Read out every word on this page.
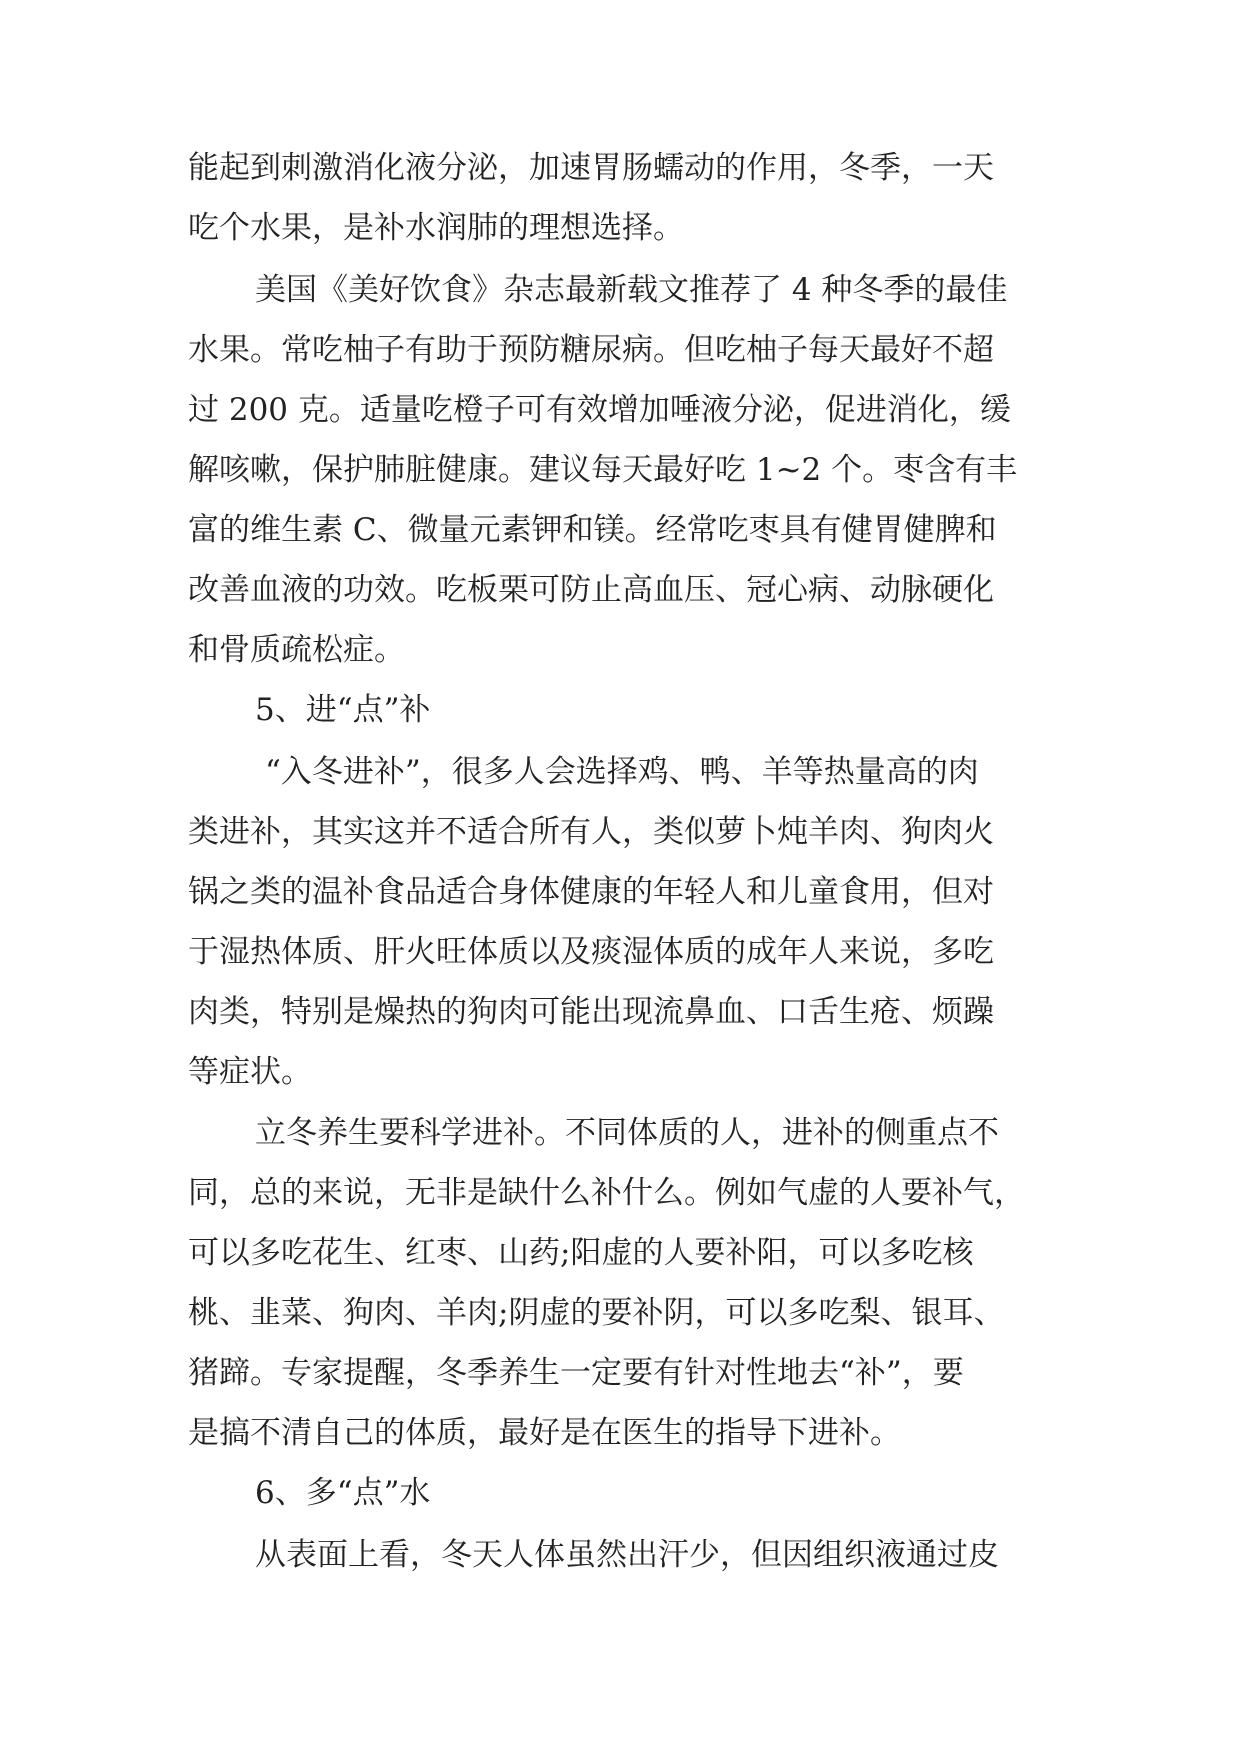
能起到刺激消化液分泌，加速胃肠蠕动的作用，冬季，一天
吃个水果，是补水润肺的理想选择。
美国《美好饮食》杂志最新载文推荐了 4 种冬季的最佳
水果。常吃柚子有助于预防糖尿病。但吃柚子每天最好不超
过 200 克。适量吃橙子可有效增加唾液分泌，促进消化，缓
解咳嗽，保护肺脏健康。建议每天最好吃 1~2 个。枣含有丰
富的维生素 C、微量元素钾和镁。经常吃枣具有健胃健脾和
改善血液的功效。吃板栗可防止高血压、冠心病、动脉硬化
和骨质疏松症。
5、进“点”补
“入冬进补”，很多人会选择鸡、鸭、羊等热量高的肉
类进补，其实这并不适合所有人，类似萝卜炖羊肉、狗肉火
锅之类的温补食品适合身体健康的年轻人和儿童食用，但对
于湿热体质、肝火旺体质以及痰湿体质的成年人来说，多吃
肉类，特别是燥热的狗肉可能出现流鼻血、口舌生疮、烦躁
等症状。
立冬养生要科学进补。不同体质的人，进补的侧重点不
同，总的来说，无非是缺什么补什么。例如气虚的人要补气，
可以多吃花生、红枣、山药;阳虚的人要补阳，可以多吃核
桃、韭菜、狗肉、羊肉;阴虚的要补阴，可以多吃梨、银耳、
猪蹄。专家提醒，冬季养生一定要有针对性地去“补”，要
是搞不清自己的体质，最好是在医生的指导下进补。
6、多“点”水
从表面上看，冬天人体虽然出汗少，但因组织液通过皮
